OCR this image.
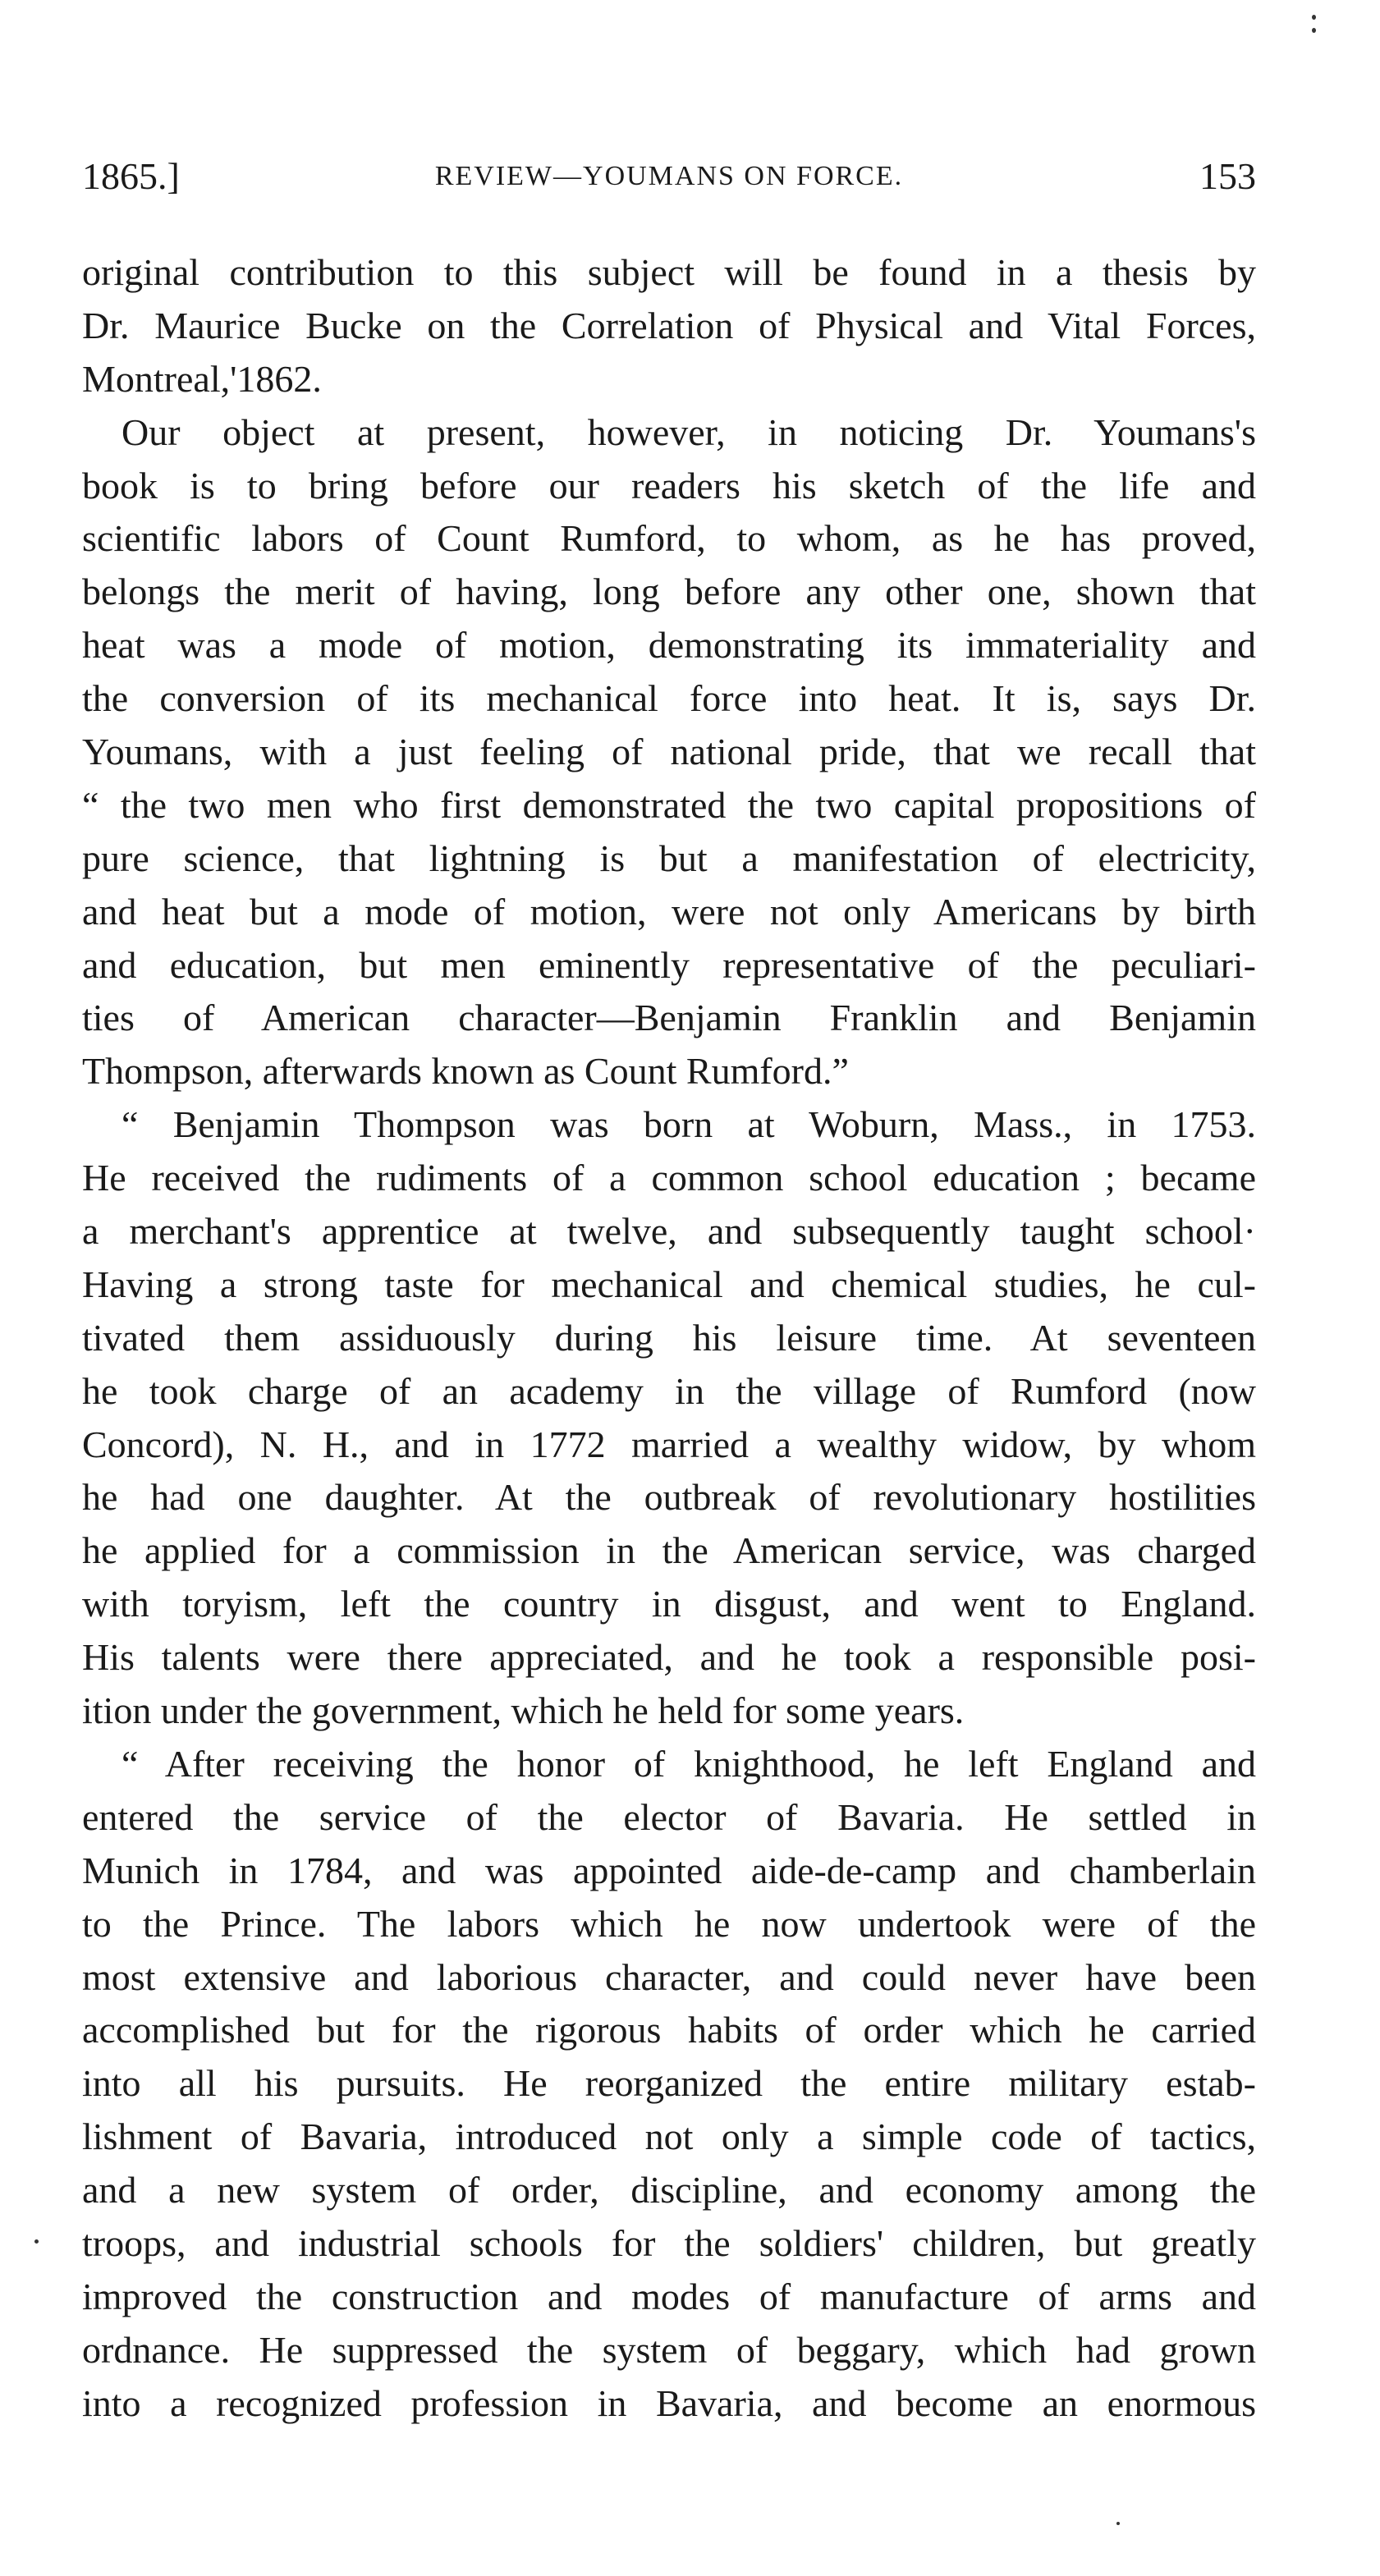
1865.]	REVIEW—YOUMANS ON FORCE.	153
original contribution to this subject will be found in a thesis by
Dr. Maurice Bucke on the Correlation of Physical and Vital Forces,
Montreal,'1862.
Our object at present, however, in noticing Dr. Youmans's
book is to bring before our readers his sketch of the life and
scientific labors of Count Rumford, to whom, as he has proved,
belongs the merit of having, long before any other one, shown that
heat was a mode of motion, demonstrating its immateriality and
the conversion of its mechanical force into heat. It is, says Dr.
Youmans, with a just feeling of national pride, that we recall that
“ the two men who first demonstrated the two capital propositions of
pure science, that lightning is but a manifestation of electricity,
and heat but a mode of motion, were not only Americans by birth
and education, but men eminently representative of the peculiari-
ties of American character—Benjamin Franklin and Benjamin
Thompson, afterwards known as Count Rumford.”
“ Benjamin Thompson was born at Woburn, Mass., in 1753.
He received the rudiments of a common school education ; became
a merchant's apprentice at twelve, and subsequently taught school·
Having a strong taste for mechanical and chemical studies, he cul-
tivated them assiduously during his leisure time. At seventeen
he took charge of an academy in the village of Rumford (now
Concord), N. H., and in 1772 married a wealthy widow, by whom
he had one daughter. At the outbreak of revolutionary hostilities
he applied for a commission in the American service, was charged
with toryism, left the country in disgust, and went to England.
His talents were there appreciated, and he took a responsible posi-
ition under the government, which he held for some years.
“ After receiving the honor of knighthood, he left England and
entered the service of the elector of Bavaria. He settled in
Munich in 1784, and was appointed aide-de-camp and chamberlain
to the Prince. The labors which he now undertook were of the
most extensive and laborious character, and could never have been
accomplished but for the rigorous habits of order which he carried
into all his pursuits. He reorganized the entire military estab-
lishment of Bavaria, introduced not only a simple code of tactics,
and a new system of order, discipline, and economy among the
troops, and industrial schools for the soldiers' children, but greatly
improved the construction and modes of manufacture of arms and
ordnance. He suppressed the system of beggary, which had grown
into a recognized profession in Bavaria, and become an enormous
